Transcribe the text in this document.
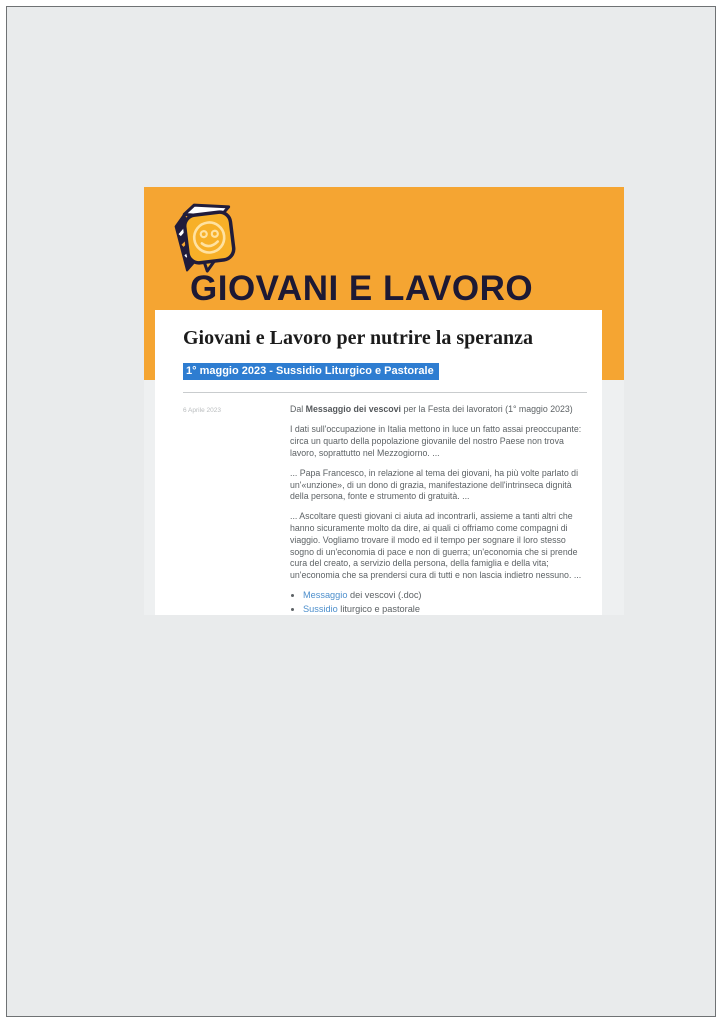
GIOVANI E LAVORO
Giovani e Lavoro per nutrire la speranza
1° maggio 2023 - Sussidio Liturgico e Pastorale
6 Aprile 2023	Dal Messaggio dei vescovi per la Festa dei lavoratori (1° maggio 2023)

I dati sull'occupazione in Italia mettono in luce un fatto assai preoccupante: circa un quarto della popolazione giovanile del nostro Paese non trova lavoro, soprattutto nel Mezzogiorno. ...

... Papa Francesco, in relazione al tema dei giovani, ha più volte parlato di un'«unzione», di un dono di grazia, manifestazione dell'intrinseca dignità della persona, fonte e strumento di gratuità. ...

... Ascoltare questi giovani ci aiuta ad incontrarli, assieme a tanti altri che hanno sicuramente molto da dire, ai quali ci offriamo come compagni di viaggio. Vogliamo trovare il modo ed il tempo per sognare il loro stesso sogno di un'economia di pace e non di guerra; un'economia che si prende cura del creato, a servizio della persona, della famiglia e della vita; un'economia che sa prendersi cura di tutti e non lascia indietro nessuno. ...

• Messaggio dei vescovi (.doc)
• Sussidio liturgico e pastorale
